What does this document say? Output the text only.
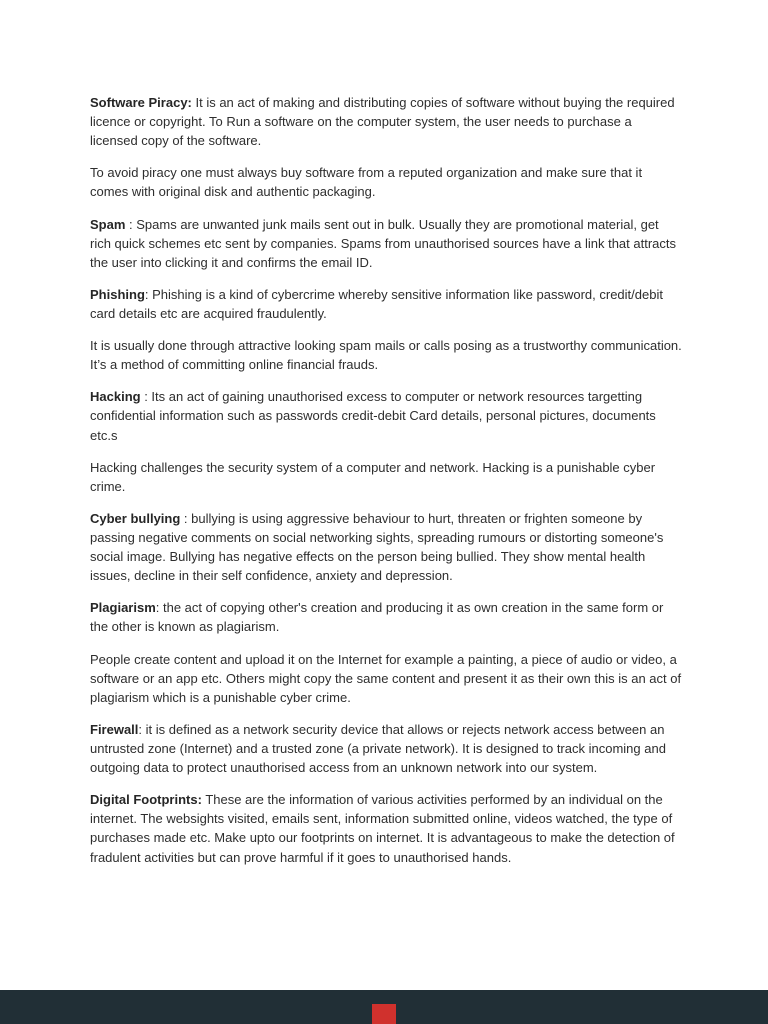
Software Piracy: It is an act of making and distributing copies of software without buying the required licence or copyright. To Run a software on the computer system, the user needs to purchase a licensed copy of the software.

To avoid piracy one must always buy software from a reputed organization and make sure that it comes with original disk and authentic packaging.

Spam : Spams are unwanted junk mails sent out in bulk. Usually they are promotional material, get rich quick schemes etc sent by companies. Spams from unauthorised sources have a link that attracts the user into clicking it and confirms the email ID.

Phishing: Phishing is a kind of cybercrime whereby sensitive information like password, credit/debit card details etc are acquired fraudulently.

It is usually done through attractive looking spam mails or calls posing as a trustworthy communication. It’s a method of committing online financial frauds.

Hacking : Its an act of gaining unauthorised excess to computer or network resources targetting confidential information such as passwords credit-debit Card details, personal pictures, documents etc.s

Hacking challenges the security system of a computer and network. Hacking is a punishable cyber crime.

Cyber bullying : bullying is using aggressive behaviour to hurt, threaten or frighten someone by passing negative comments on social networking sights, spreading rumours or distorting someone's social image. Bullying has negative effects on the person being bullied. They show mental health issues, decline in their self confidence, anxiety and depression.

Plagiarism: the act of copying other's creation and producing it as own creation in the same form or the other is known as plagiarism.

People create content and upload it on the Internet for example a painting, a piece of audio or video, a software or an app etc. Others might copy the same content and present it as their own this is an act of plagiarism which is a punishable cyber crime.

Firewall: it is defined as a network security device that allows or rejects network access between an untrusted zone (Internet) and a trusted zone (a private network). It is designed to track incoming and outgoing data to protect unauthorised access from an unknown network into our system.

Digital Footprints: These are the information of various activities performed by an individual on the internet. The websights visited, emails sent, information submitted online, videos watched, the type of purchases made etc. Make upto our footprints on internet. It is advantageous to make the detection of fradulent activities but can prove harmful if it goes to unauthorised hands.
